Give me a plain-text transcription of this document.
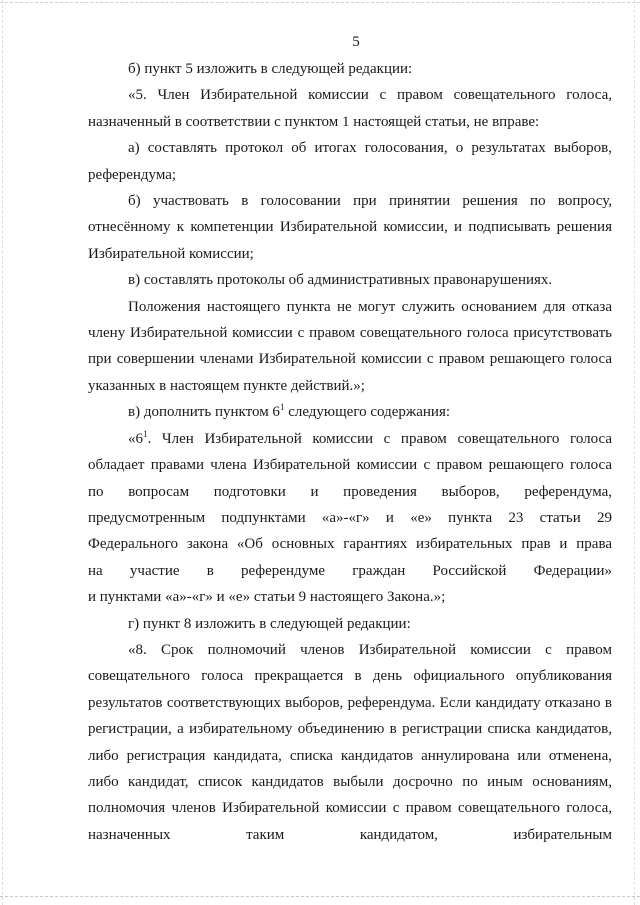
5

б) пункт 5 изложить в следующей редакции:

«5. Член Избирательной комиссии с правом совещательного голоса, назначенный в соответствии с пунктом 1 настоящей статьи, не вправе:

а) составлять протокол об итогах голосования, о результатах выборов, референдума;

б) участвовать в голосовании при принятии решения по вопросу, отнесённому к компетенции Избирательной комиссии, и подписывать решения Избирательной комиссии;

в) составлять протоколы об административных правонарушениях.

Положения настоящего пункта не могут служить основанием для отказа члену Избирательной комиссии с правом совещательного голоса присутствовать при совершении членами Избирательной комиссии с правом решающего голоса указанных в настоящем пункте действий.»;

в) дополнить пунктом $6^1$ следующего содержания:

«$6^1$. Член Избирательной комиссии с правом совещательного голоса
обладает правами члена Избирательной комиссии с правом решающего голоса
по вопросам подготовки и проведения выборов, референдума,
предусмотренным подпунктами «а»-«г» и «е» пункта 23 статьи 29
Федерального закона «Об основных гарантиях избирательных прав и права
на участие в референдуме граждан Российской Федерации»
и пунктами «а»-«г» и «е» статьи 9 настоящего Закона.»;

г) пункт 8 изложить в следующей редакции:

«8. Срок полномочий членов Избирательной комиссии с правом совещательного голоса прекращается в день официального опубликования результатов соответствующих выборов, референдума. Если кандидату отказано в регистрации, а избирательному объединению в регистрации списка кандидатов, либо регистрация кандидата, списка кандидатов аннулирована или отменена, либо кандидат, список кандидатов выбыли досрочно по иным основаниям, полномочия членов Избирательной комиссии с правом совещательного голоса, назначенных таким кандидатом, избирательным
